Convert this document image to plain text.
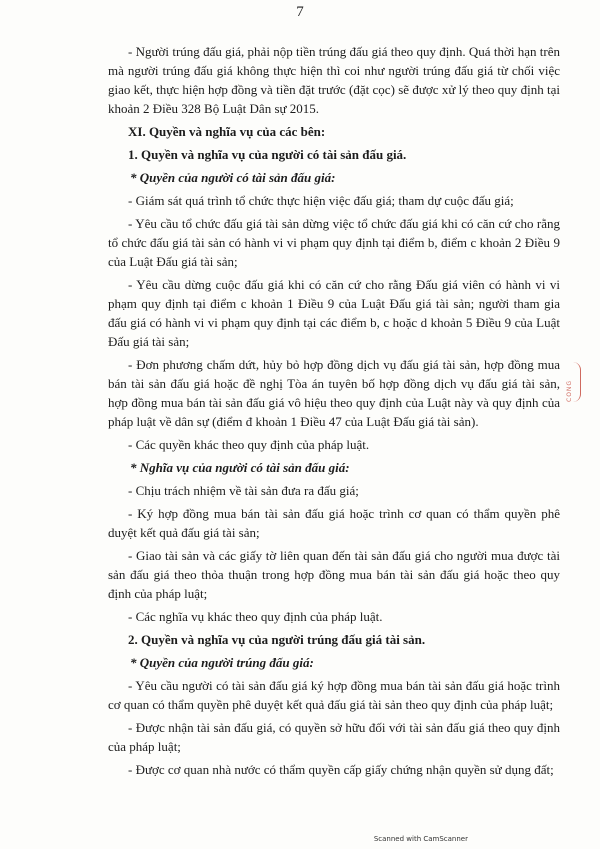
7
- Người trúng đấu giá, phải nộp tiền trúng đấu giá theo quy định. Quá thời hạn trên mà người trúng đấu giá không thực hiện thì coi như người trúng đấu giá từ chối việc giao kết, thực hiện hợp đồng và tiền đặt trước (đặt cọc) sẽ được xử lý theo quy định tại khoản 2 Điều 328 Bộ Luật Dân sự 2015.
XI. Quyền và nghĩa vụ của các bên:
1. Quyền và nghĩa vụ của người có tài sản đấu giá.
* Quyền của người có tài sản đấu giá:
- Giám sát quá trình tổ chức thực hiện việc đấu giá; tham dự cuộc đấu giá;
- Yêu cầu tổ chức đấu giá tài sản dừng việc tổ chức đấu giá khi có căn cứ cho rằng tổ chức đấu giá tài sản có hành vi vi phạm quy định tại điểm b, điểm c khoản 2 Điều 9 của Luật Đấu giá tài sản;
- Yêu cầu dừng cuộc đấu giá khi có căn cứ cho rằng Đấu giá viên có hành vi vi phạm quy định tại điểm c khoản 1 Điều 9 của Luật Đấu giá tài sản; người tham gia đấu giá có hành vi vi phạm quy định tại các điểm b, c hoặc d khoản 5 Điều 9 của Luật Đấu giá tài sản;
- Đơn phương chấm dứt, hủy bỏ hợp đồng dịch vụ đấu giá tài sản, hợp đồng mua bán tài sản đấu giá hoặc đề nghị Tòa án tuyên bố hợp đồng dịch vụ đấu giá tài sản, hợp đồng mua bán tài sản đấu giá vô hiệu theo quy định của Luật này và quy định của pháp luật về dân sự (điểm đ khoản 1 Điều 47 của Luật Đấu giá tài sản).
- Các quyền khác theo quy định của pháp luật.
* Nghĩa vụ của người có tài sản đấu giá:
- Chịu trách nhiệm về tài sản đưa ra đấu giá;
- Ký hợp đồng mua bán tài sản đấu giá hoặc trình cơ quan có thẩm quyền phê duyệt kết quả đấu giá tài sản;
- Giao tài sản và các giấy tờ liên quan đến tài sản đấu giá cho người mua được tài sản đấu giá theo thỏa thuận trong hợp đồng mua bán tài sản đấu giá hoặc theo quy định của pháp luật;
- Các nghĩa vụ khác theo quy định của pháp luật.
2. Quyền và nghĩa vụ của người trúng đấu giá tài sản.
* Quyền của người trúng đấu giá:
- Yêu cầu người có tài sản đấu giá ký hợp đồng mua bán tài sản đấu giá hoặc trình cơ quan có thẩm quyền phê duyệt kết quả đấu giá tài sản theo quy định của pháp luật;
- Được nhận tài sản đấu giá, có quyền sở hữu đối với tài sản đấu giá theo quy định của pháp luật;
- Được cơ quan nhà nước có thẩm quyền cấp giấy chứng nhận quyền sử dụng đất;
CÔNG
Scanned with CamScanner
